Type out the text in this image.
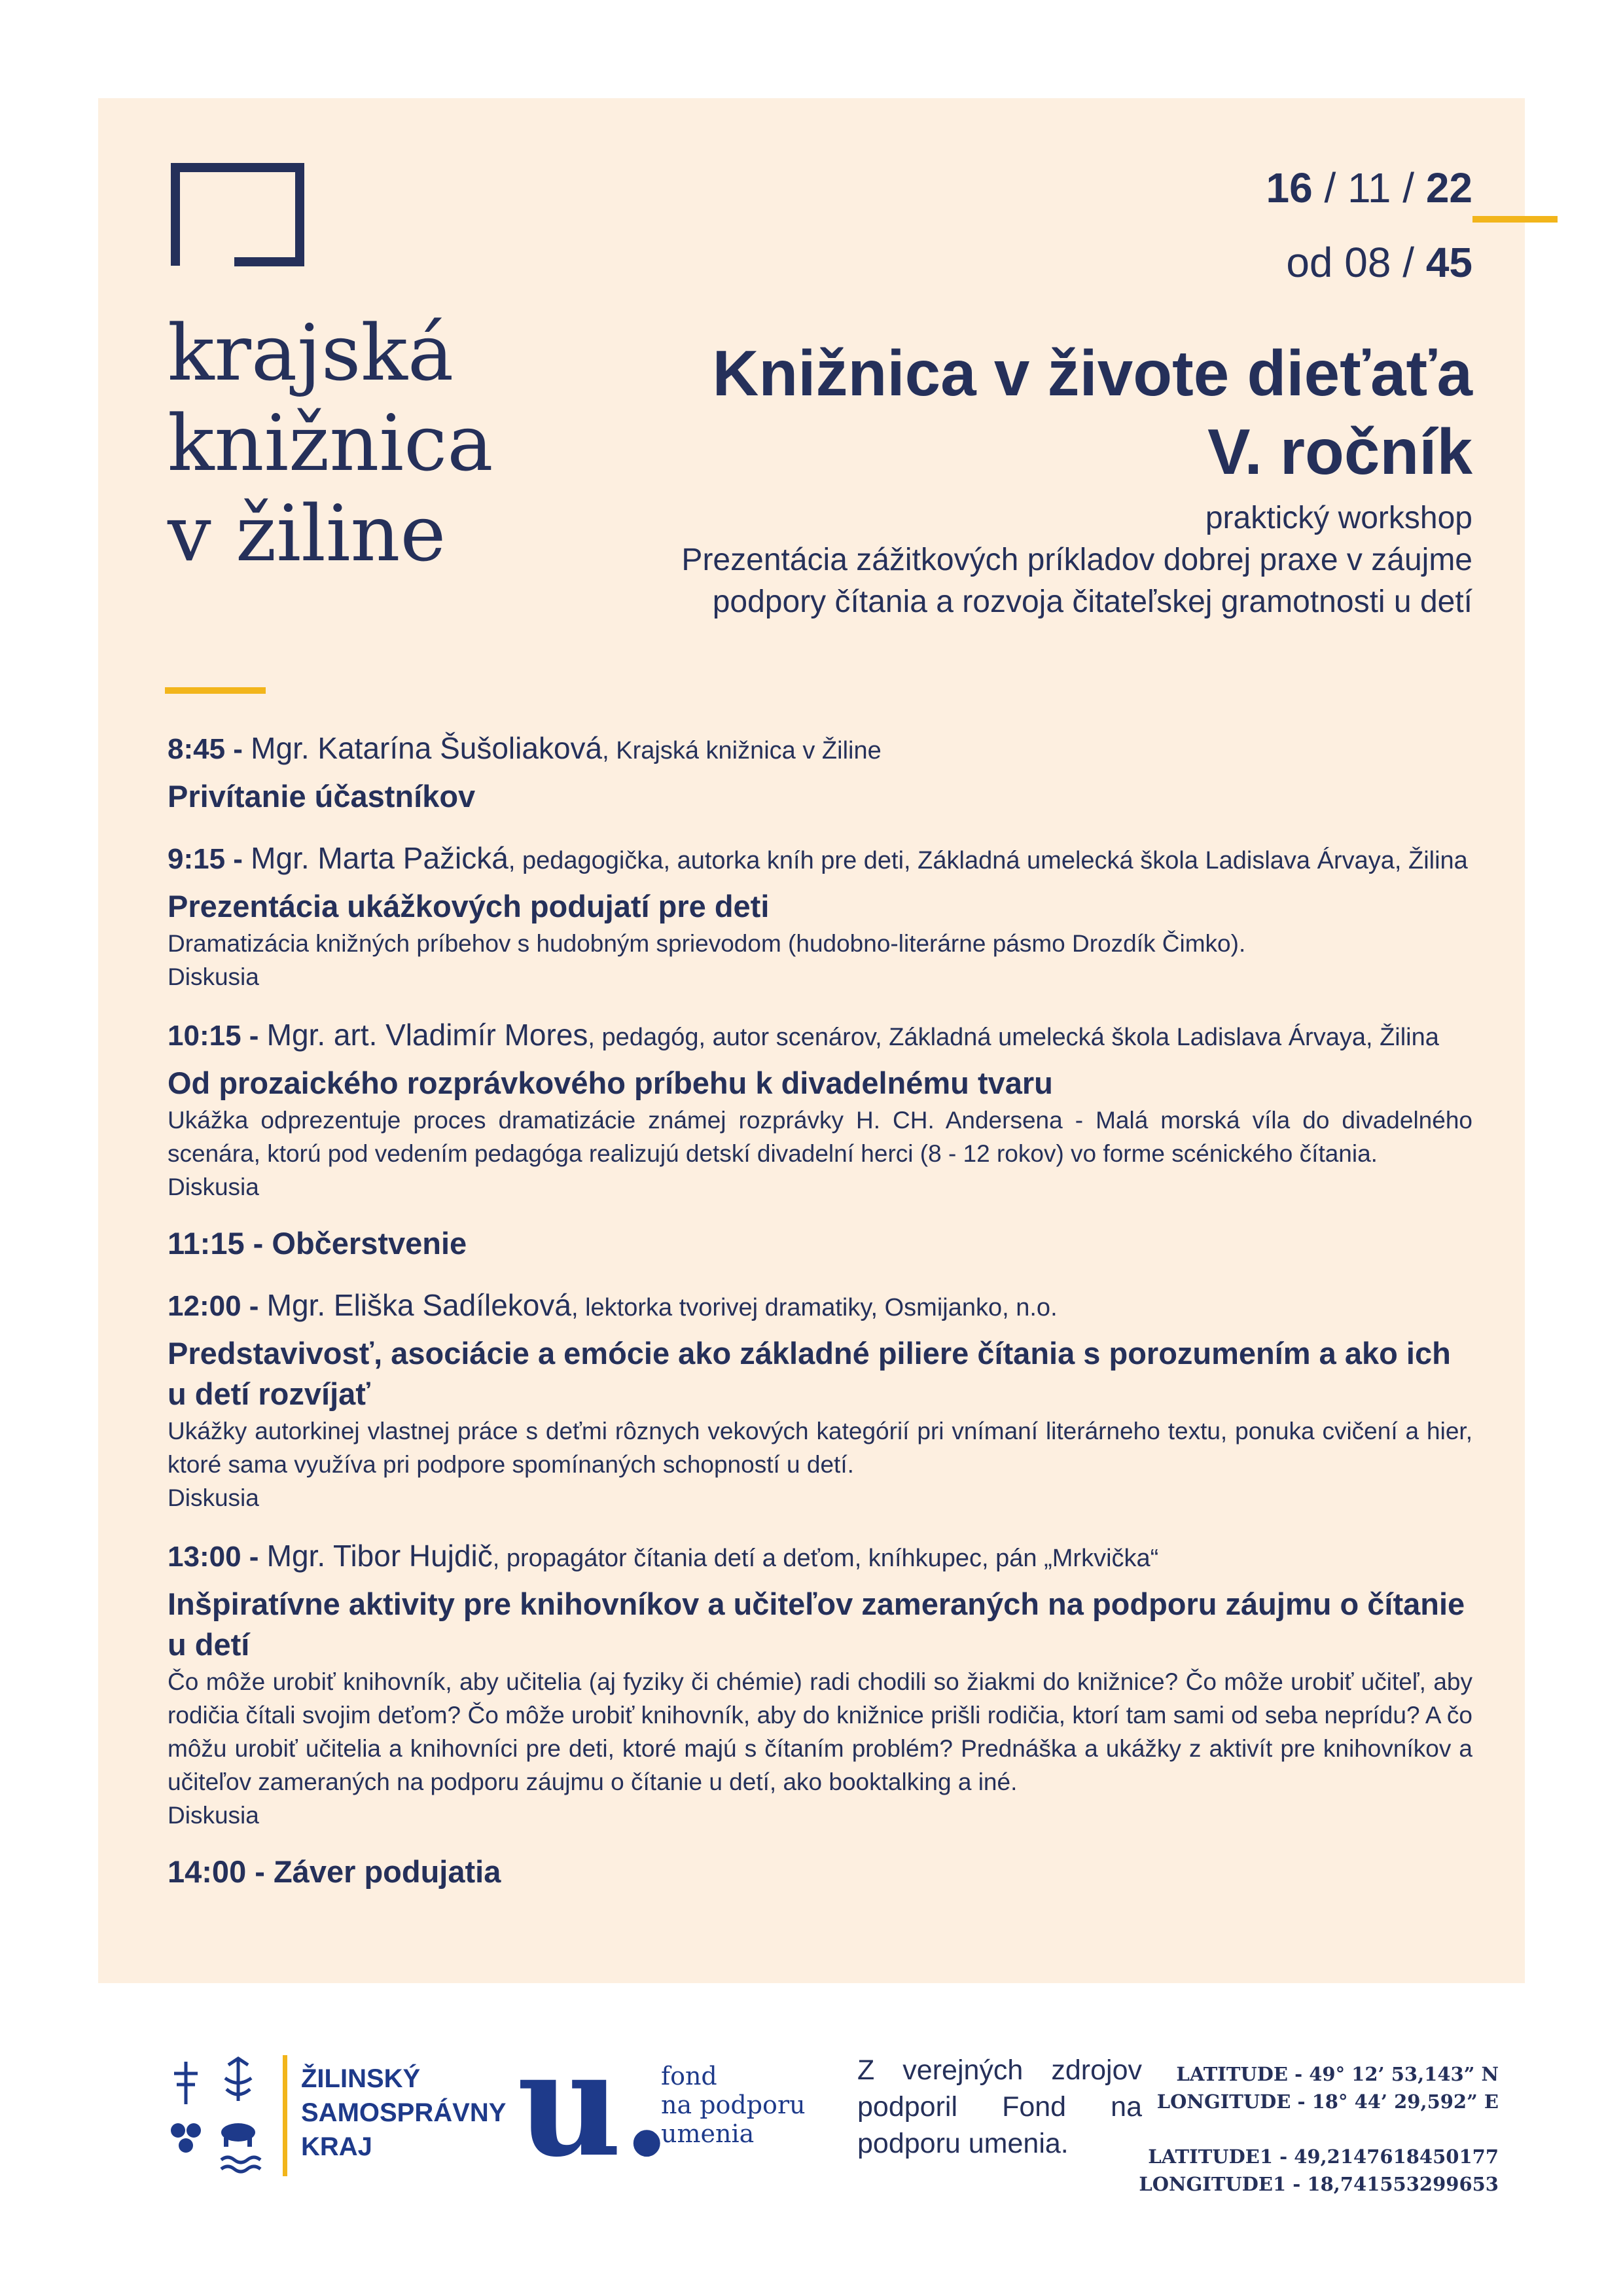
krajská
knižnica
v žiline
16 / 11 / 22
od 08 / 45
Knižnica v živote dieťaťa
V. ročník
praktický workshop
Prezentácia zážitkových príkladov dobrej praxe v záujme
podpory čítania a rozvoja čitateľskej gramotnosti u detí
8:45 - Mgr. Katarína Šušoliaková, Krajská knižnica v Žiline
Privítanie účastníkov
9:15 - Mgr. Marta Pažická, pedagogička, autorka kníh pre deti, Základná umelecká škola Ladislava Árvaya, Žilina
Prezentácia ukážkových podujatí pre deti
Dramatizácia knižných príbehov s hudobným sprievodom (hudobno-literárne pásmo Drozdík Čimko).
Diskusia
10:15 - Mgr. art. Vladimír Mores, pedagóg, autor scenárov, Základná umelecká škola Ladislava Árvaya, Žilina
Od prozaického rozprávkového príbehu k divadelnému tvaru
Ukážka odprezentuje proces dramatizácie známej rozprávky H. CH. Andersena - Malá morská víla do divadelného scenára, ktorú pod vedením pedagóga realizujú detskí divadelní herci (8 - 12 rokov) vo forme scénického čítania.
Diskusia
11:15 - Občerstvenie
12:00 - Mgr. Eliška Sadíleková, lektorka tvorivej dramatiky, Osmijanko, n.o.
Predstavivosť, asociácie a emócie ako základné piliere čítania s porozumením a ako ich u detí rozvíjať
Ukážky autorkinej vlastnej práce s deťmi rôznych vekových kategórií pri vnímaní literárneho textu, ponuka cvičení a hier, ktoré sama využíva pri podpore spomínaných schopností u detí.
Diskusia
13:00 - Mgr. Tibor Hujdič, propagátor čítania detí a deťom, kníhkupec, pán „Mrkvička“
Inšpiratívne aktivity pre knihovníkov a učiteľov zameraných na podporu záujmu o čítanie u detí
Čo môže urobiť knihovník, aby učitelia (aj fyziky či chémie) radi chodili so žiakmi do knižnice? Čo môže urobiť učiteľ, aby rodičia čítali svojim deťom? Čo môže urobiť knihovník, aby do knižnice prišli rodičia, ktorí tam sami od seba neprídu? A čo môžu urobiť učitelia a knihovníci pre deti, ktoré majú s čítaním problém? Prednáška a ukážky z aktivít pre knihovníkov a učiteľov zameraných na podporu záujmu o čítanie u detí, ako booktalking a iné.
Diskusia
14:00 - Záver podujatia
ŽILINSKÝ
SAMOSPRÁVNY
KRAJ	u.
fond
na podporu
umenia
Z verejných zdrojov podporil Fond na podporu umenia.
LATITUDE - 49° 12’ 53,143” N
LONGITUDE - 18° 44’ 29,592” E
LATITUDE1 - 49,2147618450177
LONGITUDE1 - 18,741553299653
